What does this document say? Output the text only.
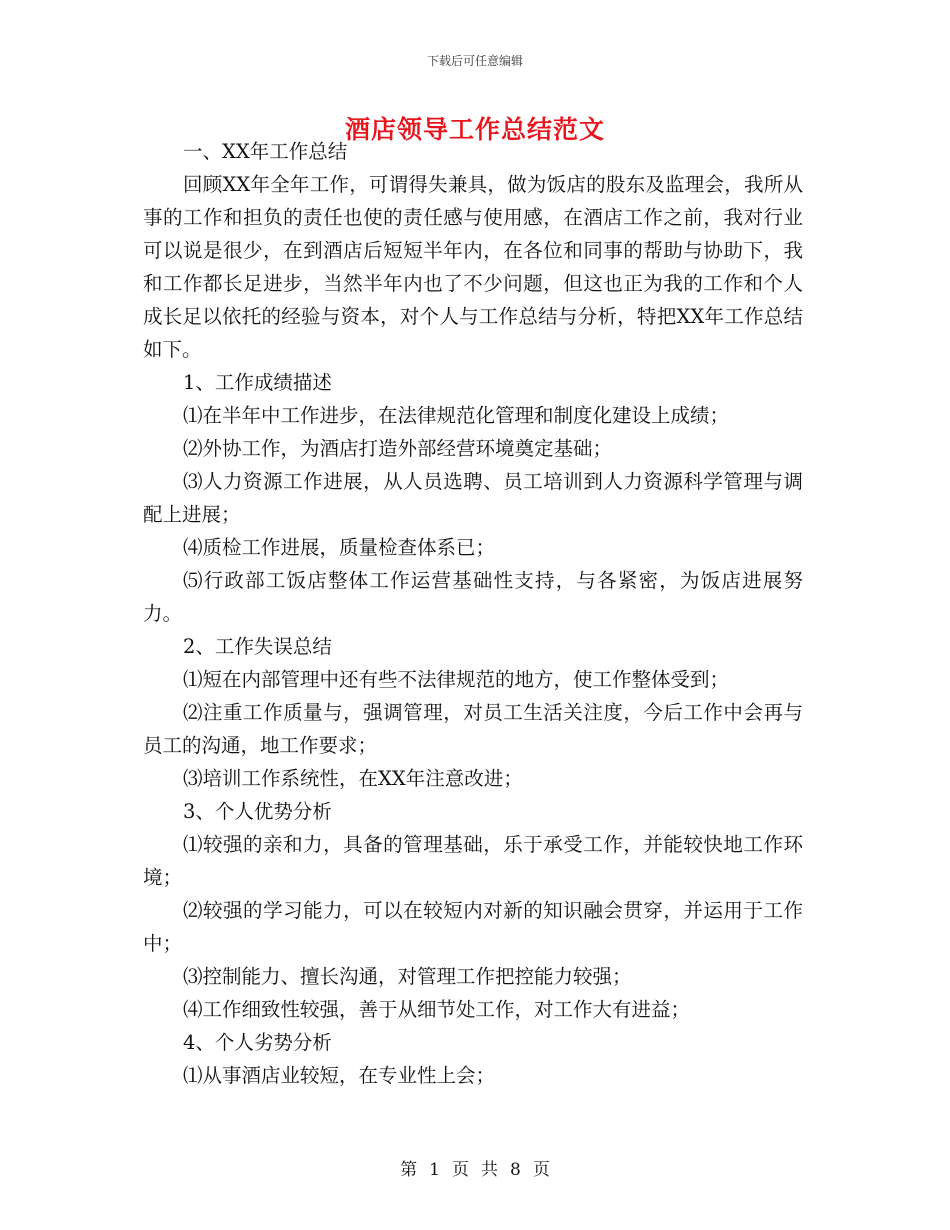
下载后可任意编辑
酒店领导工作总结范文

一、XX年工作总结

回顾XX年全年工作，可谓得失兼具，做为饭店的股东及监理会，我所从事的工作和担负的责任也使的责任感与使用感，在酒店工作之前，我对行业可以说是很少，在到酒店后短短半年内，在各位和同事的帮助与协助下，我和工作都长足进步，当然半年内也了不少问题，但这也正为我的工作和个人成长足以依托的经验与资本，对个人与工作总结与分析，特把XX年工作总结如下。

1、工作成绩描述

⑴在半年中工作进步，在法律规范化管理和制度化建设上成绩；

⑵外协工作，为酒店打造外部经营环境奠定基础；

⑶人力资源工作进展，从人员选聘、员工培训到人力资源科学管理与调配上进展；

⑷质检工作进展，质量检查体系已；

⑸行政部工饭店整体工作运营基础性支持，与各紧密，为饭店进展努力。

2、工作失误总结

⑴短在内部管理中还有些不法律规范的地方，使工作整体受到；

⑵注重工作质量与，强调管理，对员工生活关注度，今后工作中会再与员工的沟通，地工作要求；

⑶培训工作系统性，在XX年注意改进；

3、个人优势分析

⑴较强的亲和力，具备的管理基础，乐于承受工作，并能较快地工作环境；

⑵较强的学习能力，可以在较短内对新的知识融会贯穿，并运用于工作中；

⑶控制能力、擅长沟通，对管理工作把控能力较强；

⑷工作细致性较强，善于从细节处工作，对工作大有进益；

4、个人劣势分析

⑴从事酒店业较短，在专业性上会；

第 1 页 共 8 页
